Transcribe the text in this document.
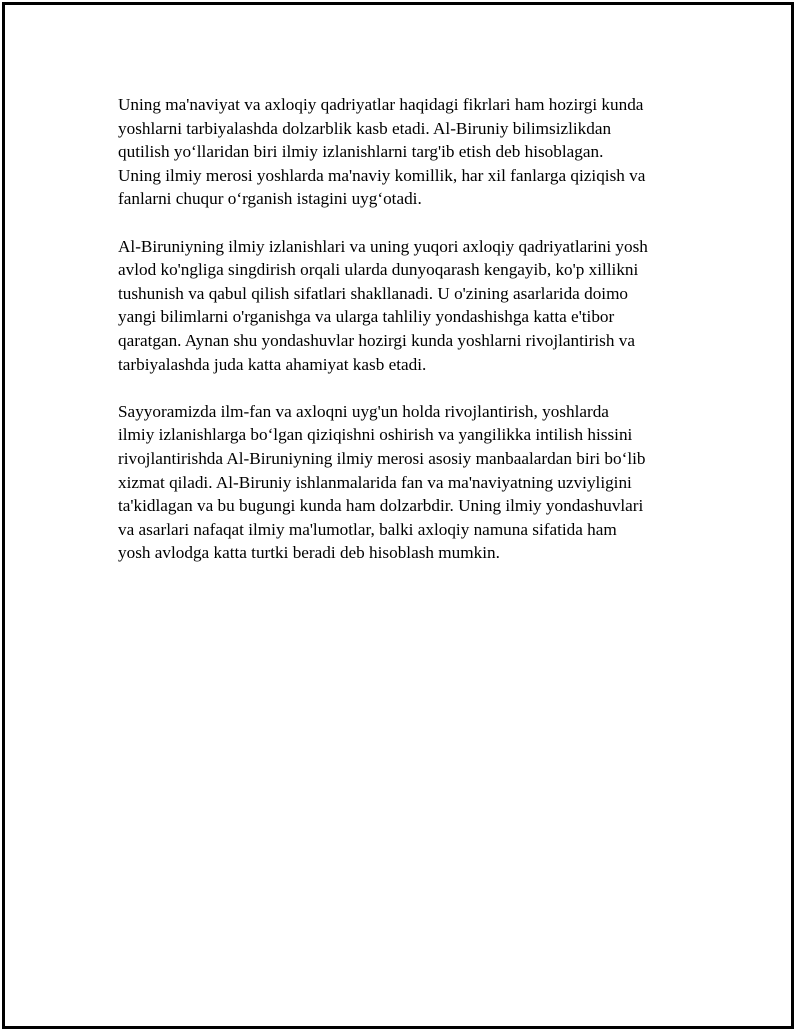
Uning ma'naviyat va axloqiy qadriyatlar haqidagi fikrlari ham hozirgi kunda
yoshlarni tarbiyalashda dolzarblik kasb etadi. Al-Biruniy bilimsizlikdan
qutilish yo‘llaridan biri ilmiy izlanishlarni targ'ib etish deb hisoblagan.
Uning ilmiy merosi yoshlarda ma'naviy komillik, har xil fanlarga qiziqish va
fanlarni chuqur o‘rganish istagini uyg‘otadi.

Al-Biruniyning ilmiy izlanishlari va uning yuqori axloqiy qadriyatlarini yosh
avlod ko'ngliga singdirish orqali ularda dunyoqarash kengayib, ko'p xillikni
tushunish va qabul qilish sifatlari shakllanadi. U o'zining asarlarida doimo
yangi bilimlarni o'rganishga va ularga tahliliy yondashishga katta e'tibor
qaratgan. Aynan shu yondashuvlar hozirgi kunda yoshlarni rivojlantirish va
tarbiyalashda juda katta ahamiyat kasb etadi.

Sayyoramizda ilm-fan va axloqni uyg'un holda rivojlantirish, yoshlarda
ilmiy izlanishlarga bo‘lgan qiziqishni oshirish va yangilikka intilish hissini
rivojlantirishda Al-Biruniyning ilmiy merosi asosiy manbaalardan biri bo‘lib
xizmat qiladi. Al-Biruniy ishlanmalarida fan va ma'naviyatning uzviyligini
ta'kidlagan va bu bugungi kunda ham dolzarbdir. Uning ilmiy yondashuvlari
va asarlari nafaqat ilmiy ma'lumotlar, balki axloqiy namuna sifatida ham
yosh avlodga katta turtki beradi deb hisoblash mumkin.
